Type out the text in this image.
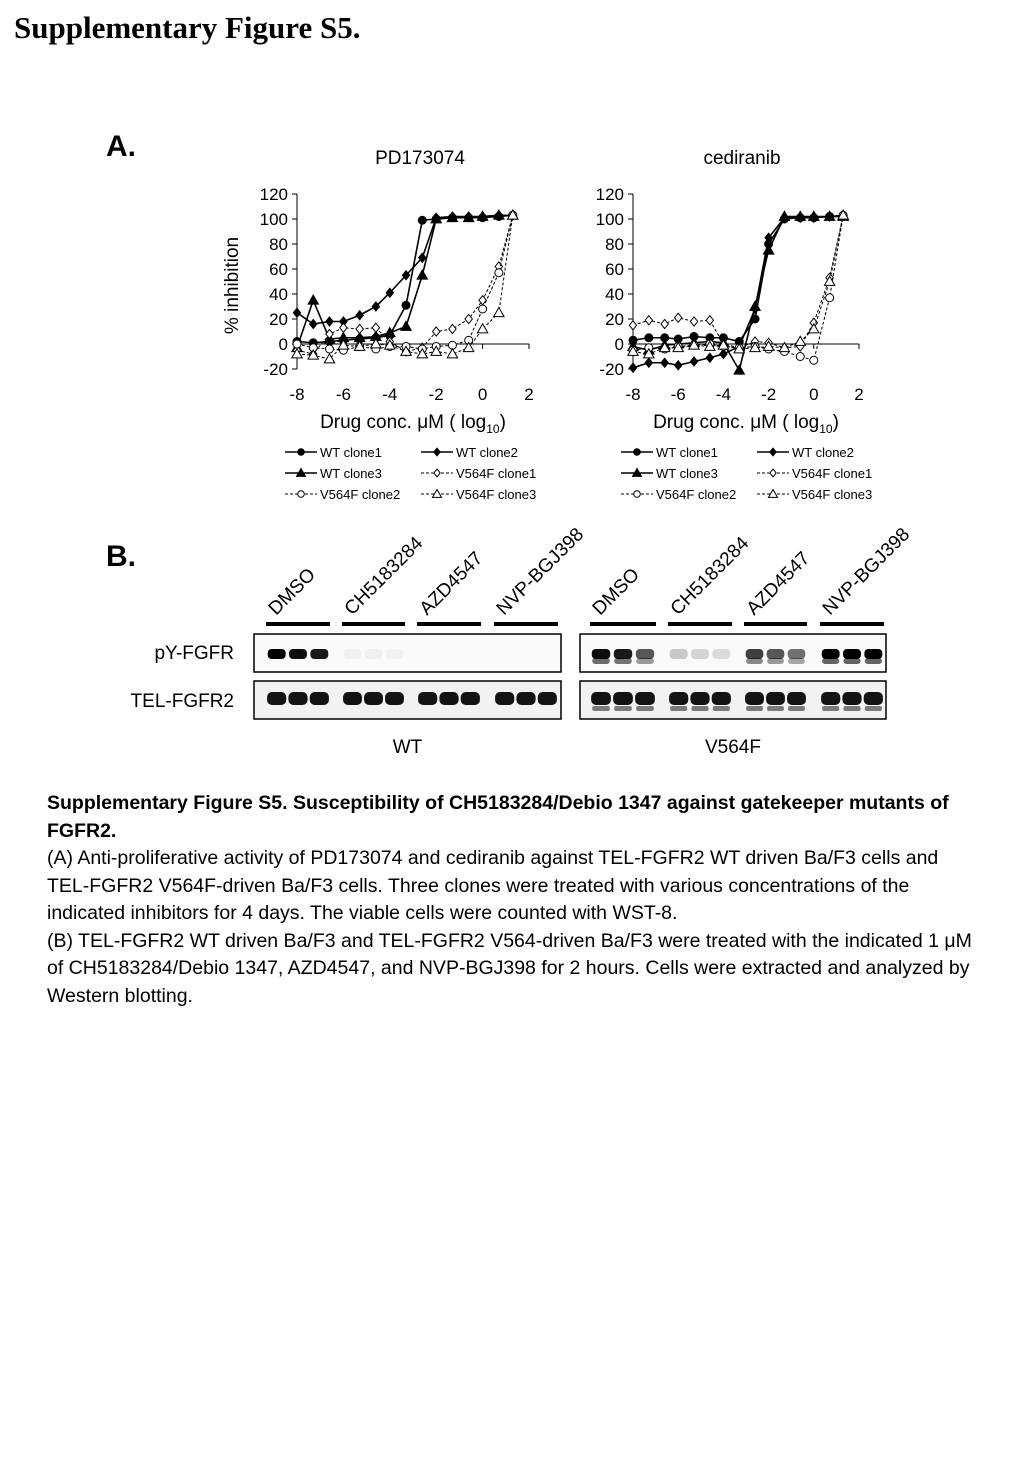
Supplementary Figure S5.
A.
B.
PD173074
120
100
80
60
40
20
0
-20
-8 -6 -4 -2 0 2
Drug conc. μM ( $\log_{10}$)
% inhibition
WT clone1	WT clone2
WT clone3	V564F clone1
V564F clone2	V564F clone3
cediranib
120
100
80
60
40
20
0
-20
-8 -6 -4 -2 0 2
Drug conc. μM ( $\log_{10}$)
WT clone1	WT clone2
WT clone3	V564F clone1
V564F clone2	V564F clone3
pY-FGFR
TEL-FGFR2
DMSO CH5183284
AZD4547 NVP-BGJ398
WT
DMSO CH5183284
AZD4547 NVP-BGJ398
V564F

Supplementary Figure S5. Susceptibility of CH5183284/Debio 1347 against gatekeeper mutants of FGFR2.

(A) Anti-proliferative activity of PD173074 and cediranib against TEL-FGFR2 WT driven Ba/F3 cells and TEL-FGFR2 V564F-driven Ba/F3 cells. Three clones were treated with various concentrations of the indicated inhibitors for 4 days. The viable cells were counted with WST-8.

(B) TEL-FGFR2 WT driven Ba/F3 and TEL-FGFR2 V564-driven Ba/F3 were treated with the indicated 1 μM of CH5183284/Debio 1347, AZD4547, and NVP-BGJ398 for 2 hours. Cells were extracted and analyzed by Western blotting.
